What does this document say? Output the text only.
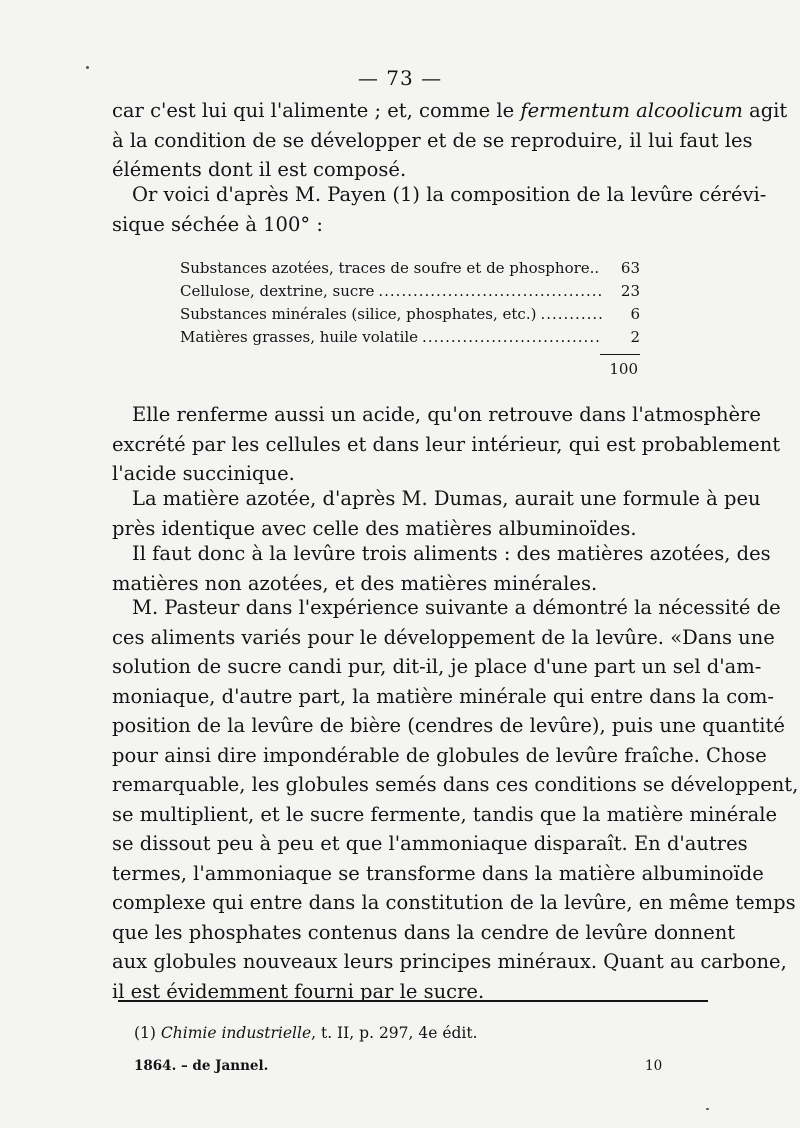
— 73 —
car c'est lui qui l'alimente ; et, comme le fermentum alcoolicum agit
à la condition de se développer et de se reproduire, il lui faut les
éléments dont il est composé.
Or voici d'après M. Payen (1) la composition de la levûre cérévi-
sique séchée à 100° :
Substances azotées, traces de soufre et de phosphore..	63
Cellulose, dextrine, sucre .....	23
Substances minérales (silice, phosphates, etc.) .....	6
Matières grasses, huile volatile .....	2
100
Elle renferme aussi un acide, qu'on retrouve dans l'atmosphère
excrété par les cellules et dans leur intérieur, qui est probablement
l'acide succinique.
La matière azotée, d'après M. Dumas, aurait une formule à peu
près identique avec celle des matières albuminoïdes.
Il faut donc à la levûre trois aliments : des matières azotées, des
matières non azotées, et des matières minérales.
M. Pasteur dans l'expérience suivante a démontré la nécessité de
ces aliments variés pour le développement de la levûre. «Dans une
solution de sucre candi pur, dit-il, je place d'une part un sel d'am-
moniaque, d'autre part, la matière minérale qui entre dans la com-
position de la levûre de bière (cendres de levûre), puis une quantité
pour ainsi dire impondérable de globules de levûre fraîche. Chose
remarquable, les globules semés dans ces conditions se développent,
se multiplient, et le sucre fermente, tandis que la matière minérale
se dissout peu à peu et que l'ammoniaque disparaît. En d'autres
termes, l'ammoniaque se transforme dans la matière albuminoïde
complexe qui entre dans la constitution de la levûre, en même temps
que les phosphates contenus dans la cendre de levûre donnent
aux globules nouveaux leurs principes minéraux. Quant au carbone,
il est évidemment fourni par le sucre.
(1) Chimie industrielle, t. II, p. 297, 4e édit.
1864. – de Jannel.	10
